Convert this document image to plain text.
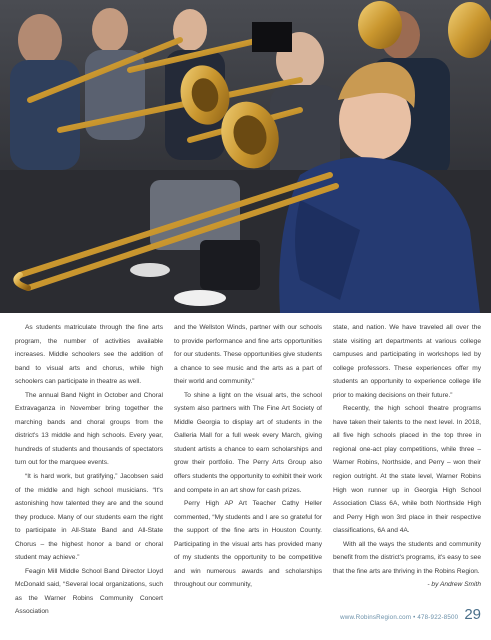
As students matriculate through the fine arts program, the number of activities available increases. Middle schoolers see the addition of band to visual arts and chorus, while high schoolers can participate in theatre as well.

The annual Band Night in October and Choral Extravaganza in November bring together the marching bands and choral groups from the district's 13 middle and high schools. Every year, hundreds of students and thousands of spectators turn out for the marquee events.

“It is hard work, but gratifying,” Jacobsen said of the middle and high school musicians. “It's astonishing how talented they are and the sound they produce. Many of our students earn the right to participate in All-State Band and All-State Chorus – the highest honor a band or choral student may achieve.”

Feagin Mill Middle School Band Director Lloyd McDonald said, “Several local organizations, such as the Warner Robins Community Concert Association

and the Wellston Winds, partner with our schools to provide performance and fine arts opportunities for our students. These opportunities give students a chance to see music and the arts as a part of their world and community.”

To shine a light on the visual arts, the school system also partners with The Fine Art Society of Middle Georgia to display art of students in the Galleria Mall for a full week every March, giving student artists a chance to earn scholarships and grow their portfolio. The Perry Arts Group also offers students the opportunity to exhibit their work and compete in an art show for cash prizes.

Perry High AP Art Teacher Cathy Heller commented, “My students and I are so grateful for the support of the fine arts in Houston County. Participating in the visual arts has provided many of my students the opportunity to be competitive and win numerous awards and scholarships throughout our community,

state, and nation. We have traveled all over the state visiting art departments at various college campuses and participating in workshops led by college professors. These experiences offer my students an opportunity to experience college life prior to making decisions on their future.”

Recently, the high school theatre programs have taken their talents to the next level. In 2018, all five high schools placed in the top three in regional one-act play competitions, while three – Warner Robins, Northside, and Perry – won their region outright. At the state level, Warner Robins High won runner up in Georgia High School Association Class 6A, while both Northside High and Perry High won 3rd place in their respective classifications, 6A and 4A.

With all the ways the students and community benefit from the district's programs, it's easy to see that the fine arts are thriving in the Robins Region.

- by Andrew Smith

www.RobinsRegion.com • 478-922-8500 29
